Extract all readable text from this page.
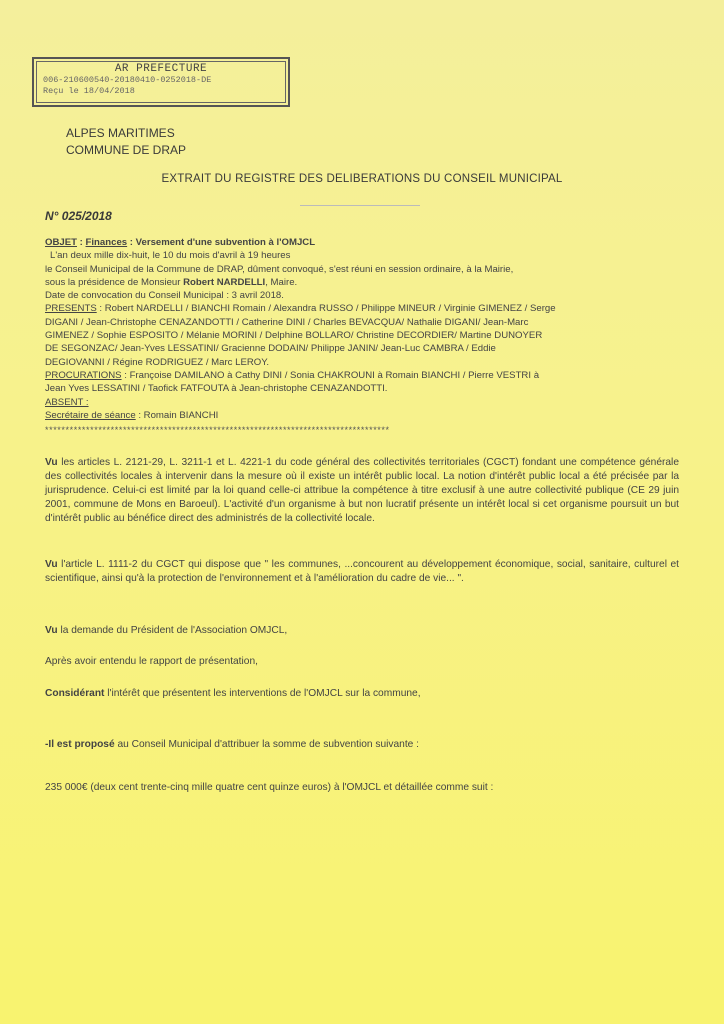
AR PREFECTURE
006-210600540-20180410-0252018-DE
Reçu le 18/04/2018
ALPES MARITIMES
COMMUNE DE DRAP
EXTRAIT DU REGISTRE DES DELIBERATIONS DU CONSEIL MUNICIPAL
N° 025/2018
OBJET : Finances : Versement d'une subvention à l'OMJCL
L'an deux mille dix-huit, le 10 du mois d'avril à 19 heures
le Conseil Municipal de la Commune de DRAP, dûment convoqué, s'est réuni en session ordinaire, à la Mairie,
sous la présidence de Monsieur Robert NARDELLI, Maire.
Date de convocation du Conseil Municipal : 3 avril 2018.
PRESENTS : Robert NARDELLI / BIANCHI Romain / Alexandra RUSSO / Philippe MINEUR / Virginie GIMENEZ / Serge
DIGANI / Jean-Christophe CENAZANDOTTI / Catherine DINI / Charles BEVACQUA/ Nathalie DIGANI/ Jean-Marc
GIMENEZ / Sophie ESPOSITO / Mélanie MORINI / Delphine BOLLARO/ Christine DECORDIER/ Martine DUNOYER
DE SEGONZAC/ Jean-Yves LESSATINI/ Gracienne DODAIN/ Philippe JANIN/ Jean-Luc CAMBRA / Eddie
DEGIOVANNI / Régine RODRIGUEZ / Marc LEROY.
PROCURATIONS : Françoise DAMILANO à Cathy DINI / Sonia CHAKROUNI à Romain BIANCHI / Pierre VESTRI à
Jean Yves LESSATINI / Taofick FATFOUTA à Jean-christophe CENAZANDOTTI.
ABSENT :
Secrétaire de séance : Romain BIANCHI
************************************************************************************

Vu les articles L. 2121-29, L. 3211-1 et L. 4221-1 du code général des collectivités territoriales (CGCT) fondant une compétence générale des collectivités locales à intervenir dans la mesure où il existe un intérêt public local. La notion d'intérêt public local a été précisée par la jurisprudence. Celui-ci est limité par la loi quand celle-ci attribue la compétence à titre exclusif à une autre collectivité publique (CE 29 juin 2001, commune de Mons en Baroeul). L'activité d'un organisme à but non lucratif présente un intérêt local si cet organisme poursuit un but d'intérêt public au bénéfice direct des administrés de la collectivité locale.

Vu l'article L. 1111-2 du CGCT qui dispose que " les communes, ...concourent au développement économique, social, sanitaire, culturel et scientifique, ainsi qu'à la protection de l'environnement et à l'amélioration du cadre de vie... ".

Vu la demande du Président de l'Association OMJCL,

Après avoir entendu le rapport de présentation,

Considérant l'intérêt que présentent les interventions de l'OMJCL sur la commune,

-Il est proposé au Conseil Municipal d'attribuer la somme de subvention suivante :

235 000€ (deux cent trente-cinq mille quatre cent quinze euros) à l'OMJCL et détaillée comme suit :
